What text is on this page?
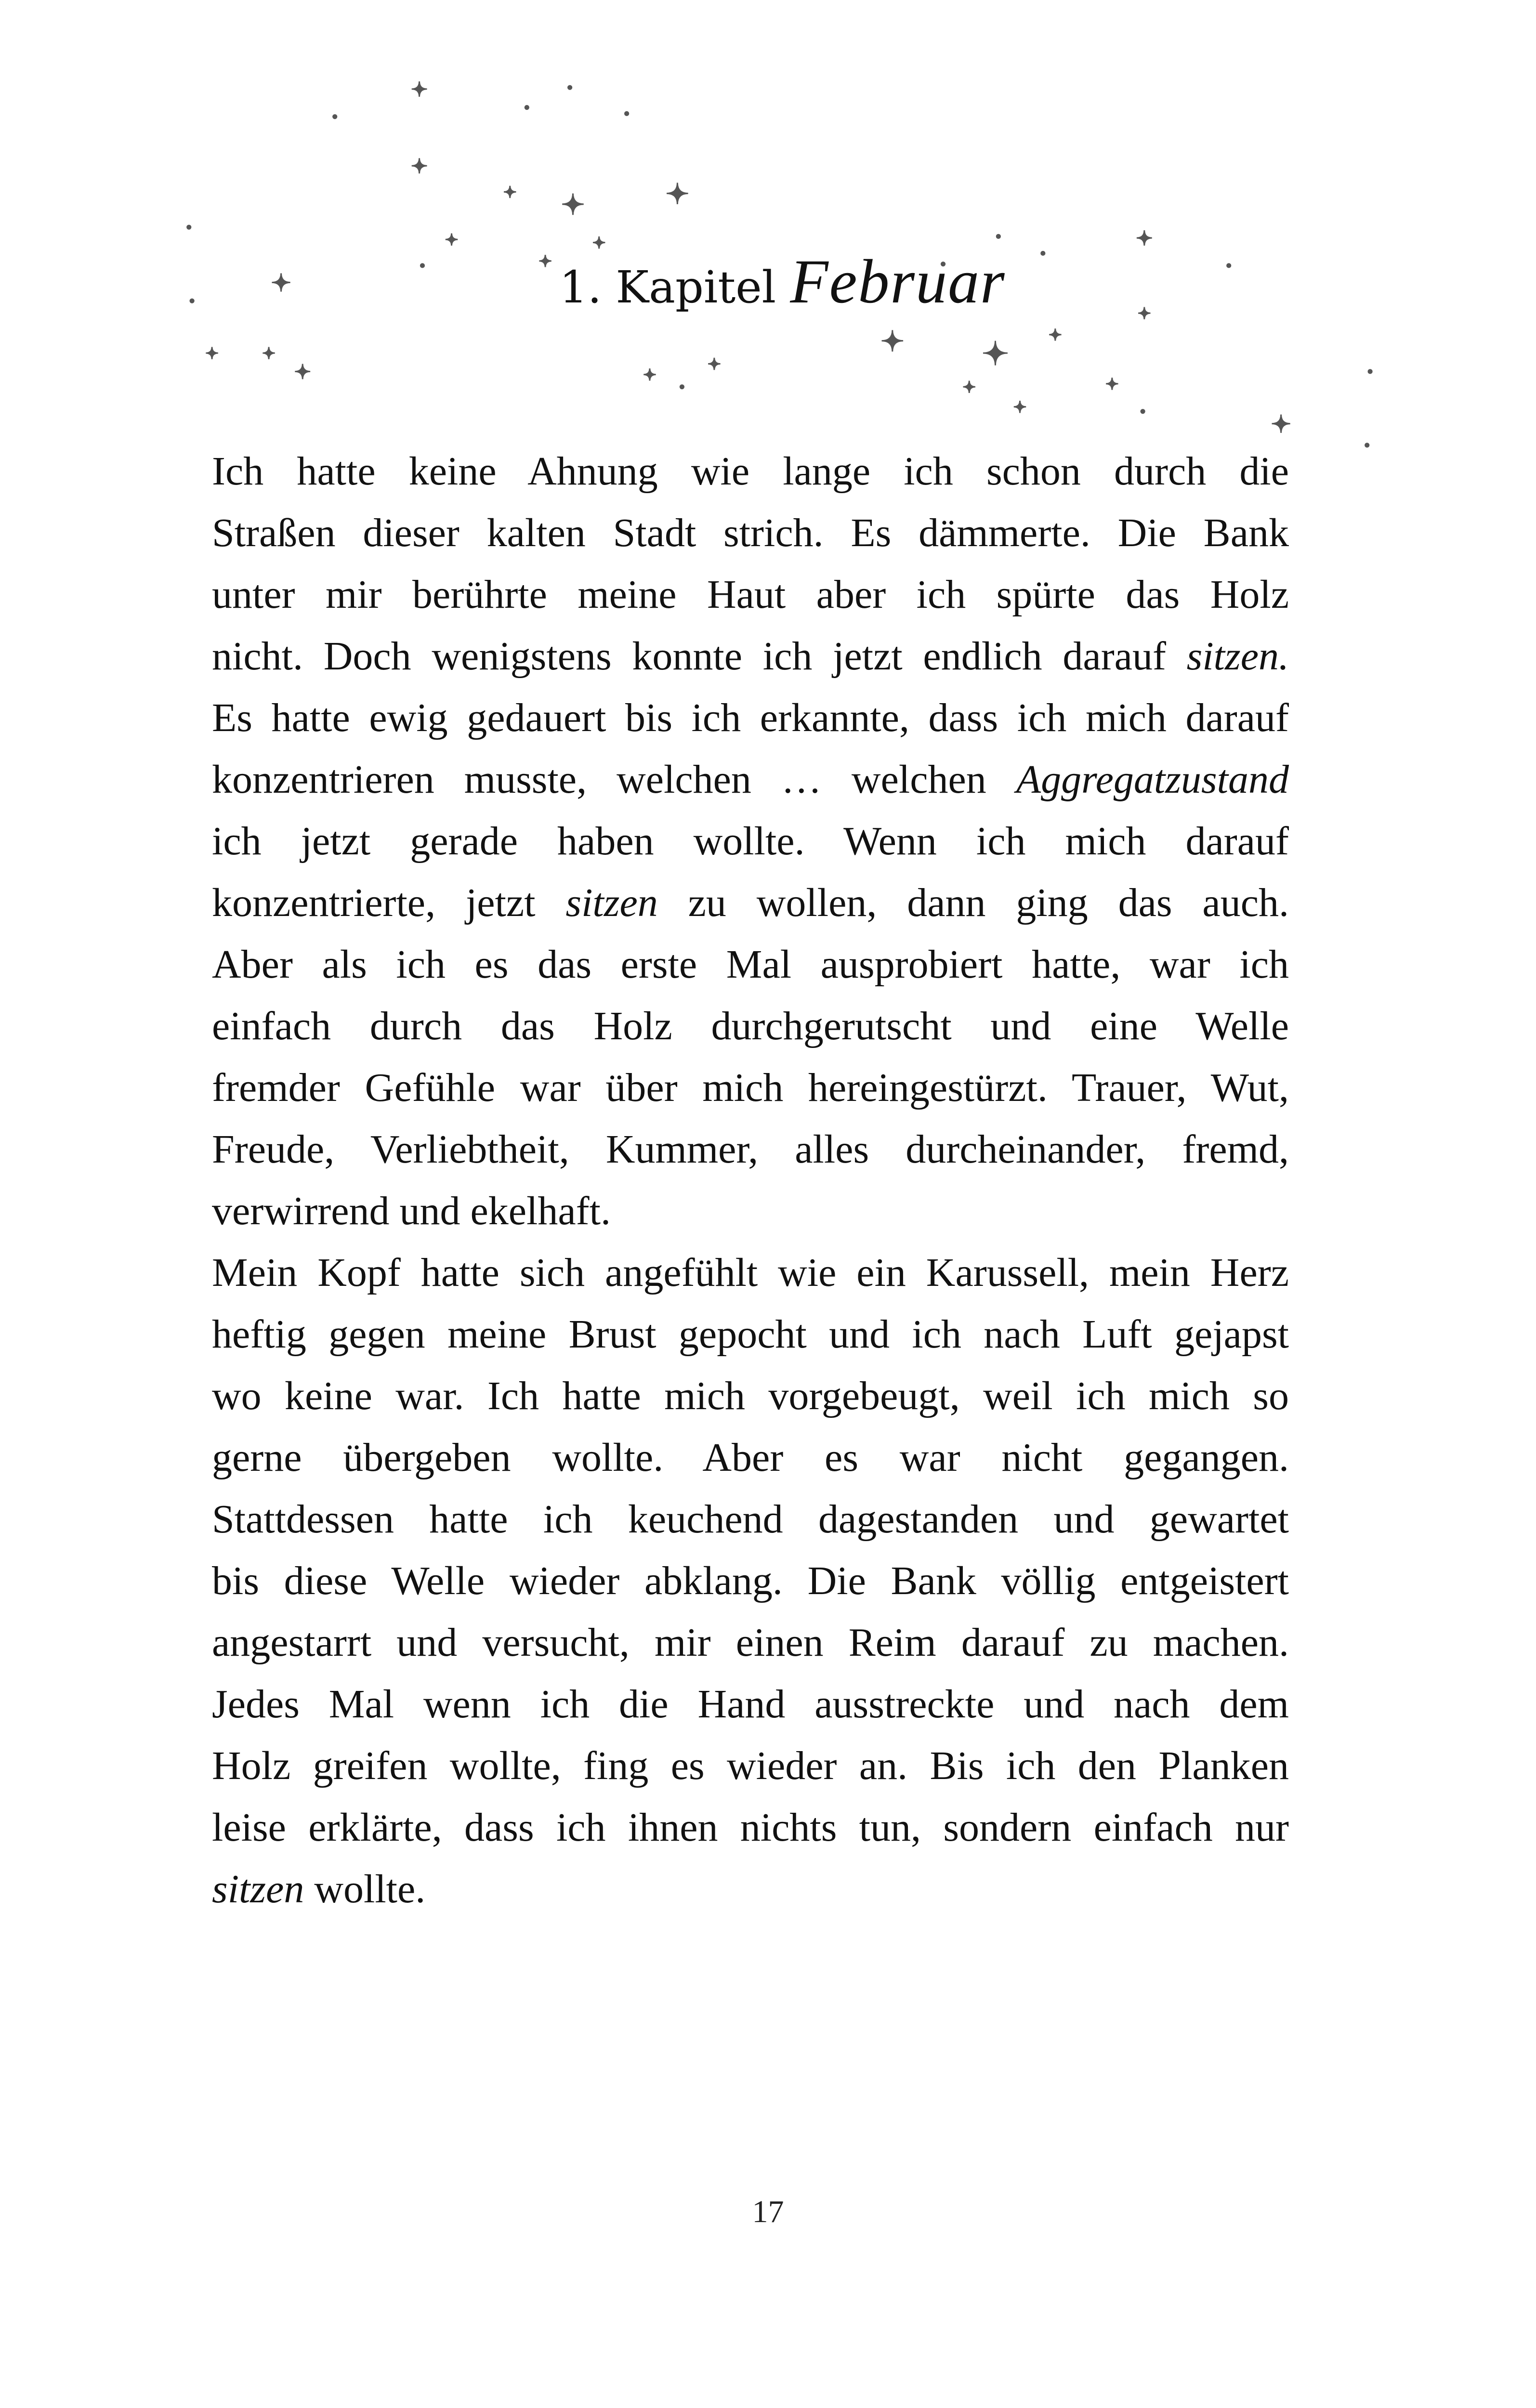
1. Kapitel Februar
Ich hatte keine Ahnung wie lange ich schon durch die
Straßen dieser kalten Stadt strich. Es dämmerte. Die Bank
unter mir berührte meine Haut aber ich spürte das Holz
nicht. Doch wenigstens konnte ich jetzt endlich darauf sitzen.
Es hatte ewig gedauert bis ich erkannte, dass ich mich darauf
konzentrieren musste, welchen … welchen Aggregatzustand
ich jetzt gerade haben wollte. Wenn ich mich darauf
konzentrierte, jetzt sitzen zu wollen, dann ging das auch.
Aber als ich es das erste Mal ausprobiert hatte, war ich
einfach durch das Holz durchgerutscht und eine Welle
fremder Gefühle war über mich hereingestürzt. Trauer, Wut,
Freude, Verliebtheit, Kummer, alles durcheinander, fremd,
verwirrend und ekelhaft.
Mein Kopf hatte sich angefühlt wie ein Karussell, mein Herz
heftig gegen meine Brust gepocht und ich nach Luft gejapst
wo keine war. Ich hatte mich vorgebeugt, weil ich mich so
gerne übergeben wollte. Aber es war nicht gegangen.
Stattdessen hatte ich keuchend dagestanden und gewartet
bis diese Welle wieder abklang. Die Bank völlig entgeistert
angestarrt und versucht, mir einen Reim darauf zu machen.
Jedes Mal wenn ich die Hand ausstreckte und nach dem
Holz greifen wollte, fing es wieder an. Bis ich den Planken
leise erklärte, dass ich ihnen nichts tun, sondern einfach nur
sitzen wollte.
17
